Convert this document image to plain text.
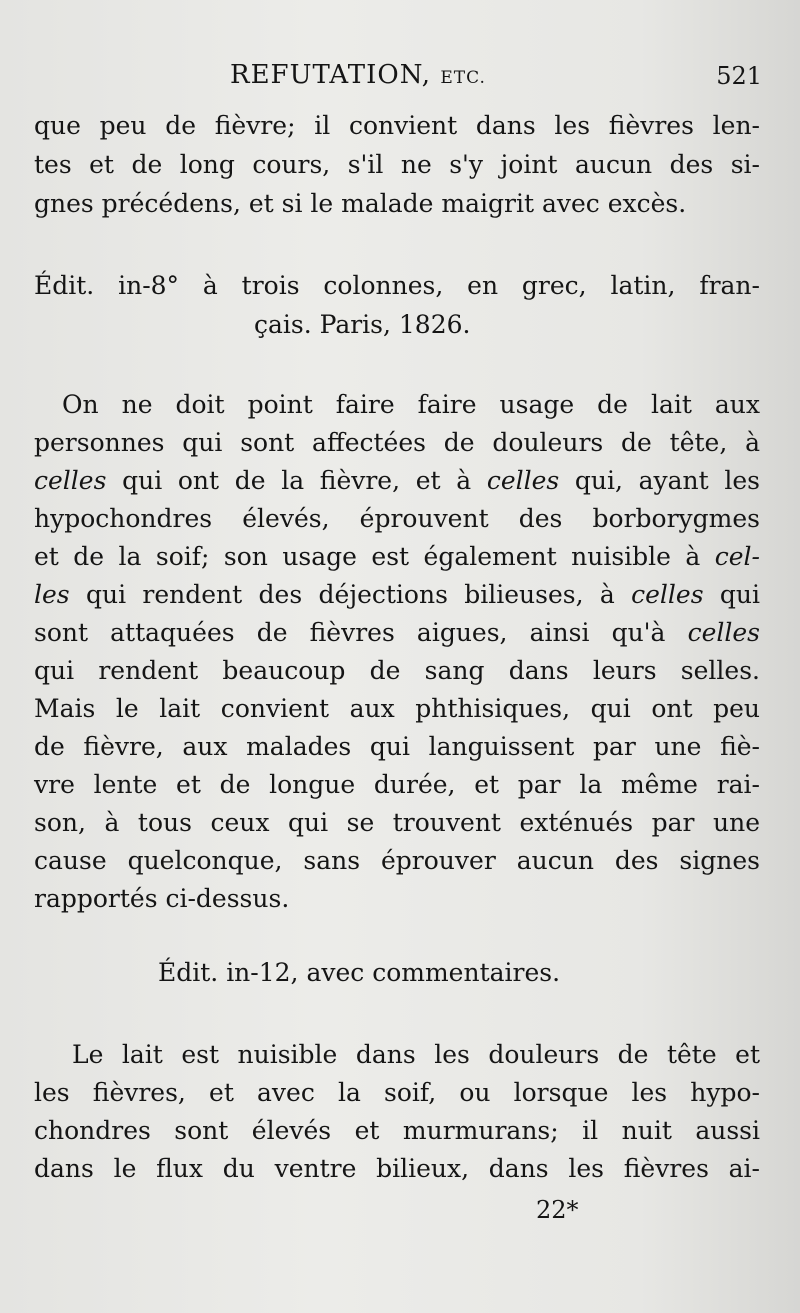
REFUTATION, ETC.	521
que peu de fièvre; il convient dans les fièvres len-
tes et de long cours, s'il ne s'y joint aucun des si-
gnes précédens, et si le malade maigrit avec excès.
Édit. in-8° à trois colonnes, en grec, latin, fran-
çais. Paris, 1826.
On ne doit point faire faire usage de lait aux
personnes qui sont affectées de douleurs de tête, à
celles qui ont de la fièvre, et à celles qui, ayant les
hypochondres élevés, éprouvent des borborygmes
et de la soif; son usage est également nuisible à cel-
les qui rendent des déjections bilieuses, à celles qui
sont attaquées de fièvres aigues, ainsi qu'à celles
qui rendent beaucoup de sang dans leurs selles.
Mais le lait convient aux phthisiques, qui ont peu
de fièvre, aux malades qui languissent par une fiè-
vre lente et de longue durée, et par la même rai-
son, à tous ceux qui se trouvent exténués par une
cause quelconque, sans éprouver aucun des signes
rapportés ci-dessus.
Édit. in-12, avec commentaires.
Le lait est nuisible dans les douleurs de tête et
les fièvres, et avec la soif, ou lorsque les hypo-
chondres sont élevés et murmurans; il nuit aussi
dans le flux du ventre bilieux, dans les fièvres ai-
22*
